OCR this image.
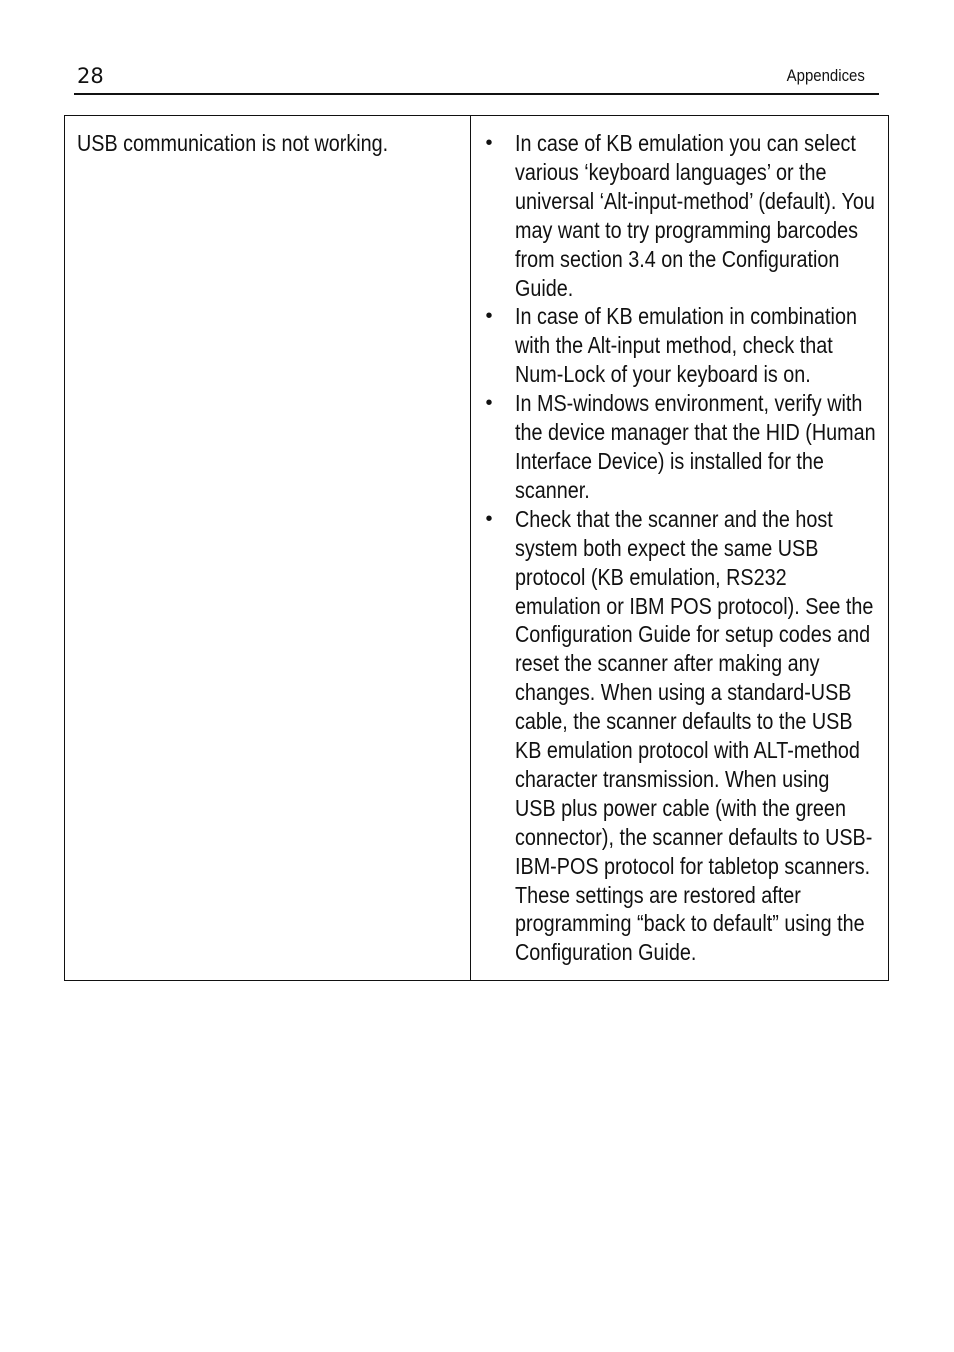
28	Appendices
USB communication is not working.	• In case of KB emulation you can select
various ‘keyboard languages’ or the
universal ‘Alt-input-method’ (default). You
may want to try programming barcodes
from section 3.4 on the Configuration
Guide.
• In case of KB emulation in combination
with the Alt-input method, check that
Num-Lock of your keyboard is on.
• In MS-windows environment, verify with
the device manager that the HID (Human
Interface Device) is installed for the
scanner.
• Check that the scanner and the host
system both expect the same USB
protocol (KB emulation, RS232
emulation or IBM POS protocol). See the
Configuration Guide for setup codes and
reset the scanner after making any
changes. When using a standard-USB
cable, the scanner defaults to the USB
KB emulation protocol with ALT-method
character transmission. When using
USB plus power cable (with the green
connector), the scanner defaults to USB-
IBM-POS protocol for tabletop scanners.
These settings are restored after
programming “back to default” using the
Configuration Guide.
